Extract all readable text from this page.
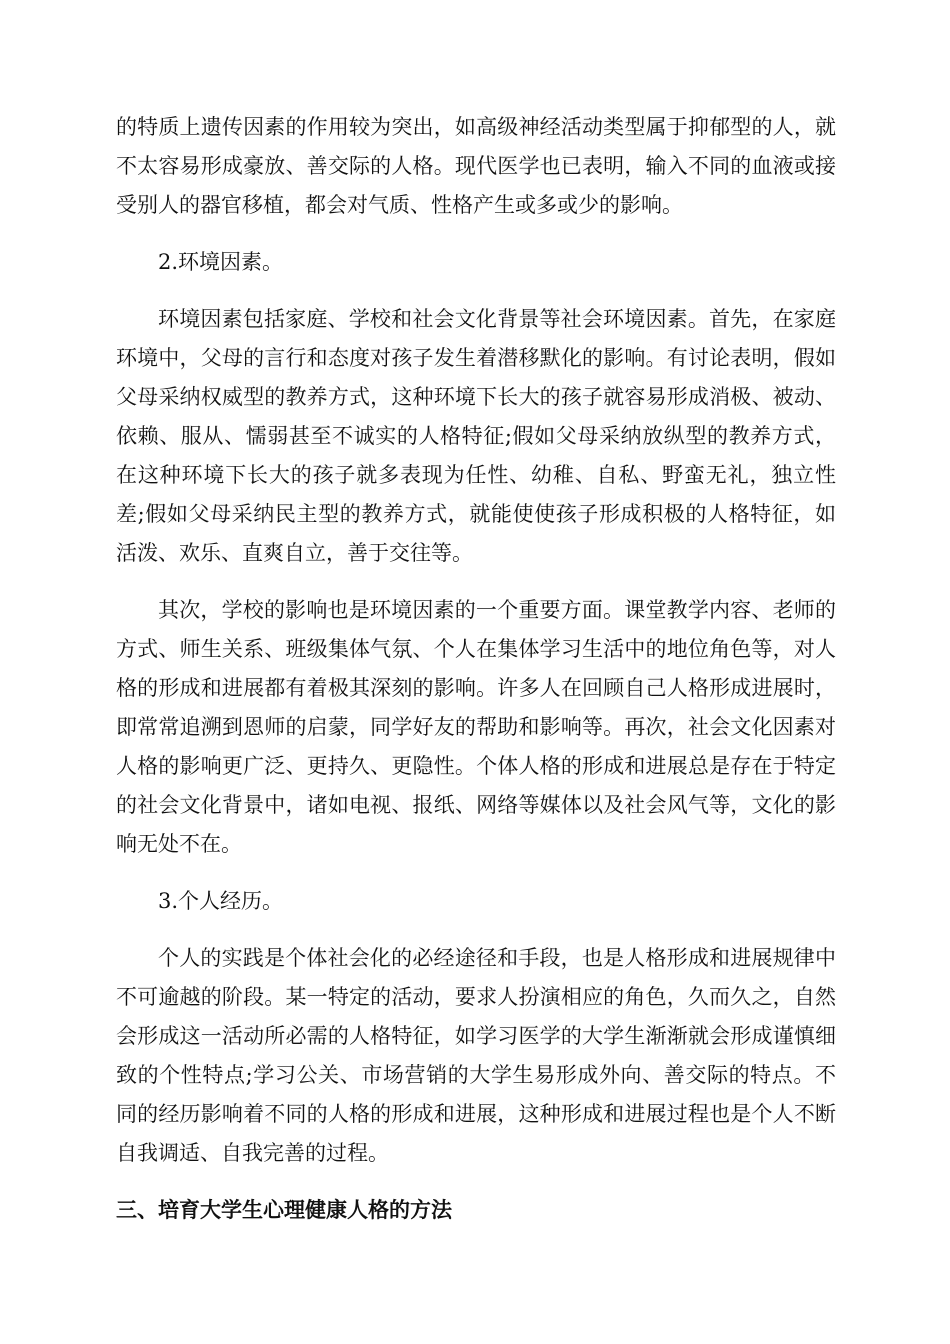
的特质上遗传因素的作用较为突出，如高级神经活动类型属于抑郁型的人，就不太容易形成豪放、善交际的人格。现代医学也已表明，输入不同的血液或接受别人的器官移植，都会对气质、性格产生或多或少的影响。

2.环境因素。

环境因素包括家庭、学校和社会文化背景等社会环境因素。首先，在家庭环境中，父母的言行和态度对孩子发生着潜移默化的影响。有讨论表明，假如父母采纳权威型的教养方式，这种环境下长大的孩子就容易形成消极、被动、依赖、服从、懦弱甚至不诚实的人格特征;假如父母采纳放纵型的教养方式，在这种环境下长大的孩子就多表现为任性、幼稚、自私、野蛮无礼，独立性差;假如父母采纳民主型的教养方式，就能使使孩子形成积极的人格特征，如活泼、欢乐、直爽自立，善于交往等。

其次，学校的影响也是环境因素的一个重要方面。课堂教学内容、老师的方式、师生关系、班级集体气氛、个人在集体学习生活中的地位角色等，对人格的形成和进展都有着极其深刻的影响。许多人在回顾自己人格形成进展时，即常常追溯到恩师的启蒙，同学好友的帮助和影响等。再次，社会文化因素对人格的影响更广泛、更持久、更隐性。个体人格的形成和进展总是存在于特定的社会文化背景中，诸如电视、报纸、网络等媒体以及社会风气等，文化的影响无处不在。

3.个人经历。

个人的实践是个体社会化的必经途径和手段，也是人格形成和进展规律中不可逾越的阶段。某一特定的活动，要求人扮演相应的角色，久而久之，自然会形成这一活动所必需的人格特征，如学习医学的大学生渐渐就会形成谨慎细致的个性特点;学习公关、市场营销的大学生易形成外向、善交际的特点。不同的经历影响着不同的人格的形成和进展，这种形成和进展过程也是个人不断自我调适、自我完善的过程。

三、培育大学生心理健康人格的方法
